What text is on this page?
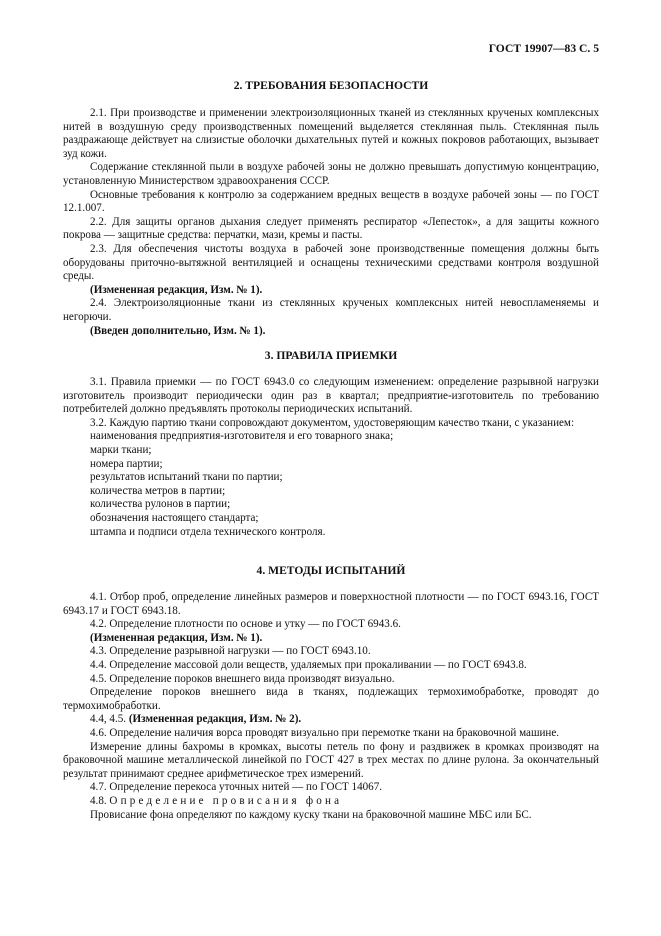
ГОСТ 19907—83 С. 5
2. ТРЕБОВАНИЯ БЕЗОПАСНОСТИ

2.1. При производстве и применении электроизоляционных тканей из стеклянных крученых комплексных нитей в воздушную среду производственных помещений выделяется стеклянная пыль. Стеклянная пыль раздражающе действует на слизистые оболочки дыхательных путей и кожных покровов работающих, вызывает зуд кожи.

Содержание стеклянной пыли в воздухе рабочей зоны не должно превышать допустимую концентрацию, установленную Министерством здравоохранения СССР.

Основные требования к контролю за содержанием вредных веществ в воздухе рабочей зоны — по ГОСТ 12.1.007.

2.2. Для защиты органов дыхания следует применять респиратор «Лепесток», а для защиты кожного покрова — защитные средства: перчатки, мази, кремы и пасты.

2.3. Для обеспечения чистоты воздуха в рабочей зоне производственные помещения должны быть оборудованы приточно-вытяжной вентиляцией и оснащены техническими средствами контроля воздушной среды.

(Измененная редакция, Изм. № 1).

2.4. Электроизоляционные ткани из стеклянных крученых комплексных нитей невоспламеняемы и негорючи.

(Введен дополнительно, Изм. № 1).

3. ПРАВИЛА ПРИЕМКИ

3.1. Правила приемки — по ГОСТ 6943.0 со следующим изменением: определение разрывной нагрузки изготовитель производит периодически один раз в квартал; предприятие-изготовитель по требованию потребителей должно предъявлять протоколы периодических испытаний.

3.2. Каждую партию ткани сопровождают документом, удостоверяющим качество ткани, с указанием:

наименования предприятия-изготовителя и его товарного знака;

марки ткани;

номера партии;

результатов испытаний ткани по партии;

количества метров в партии;

количества рулонов в партии;

обозначения настоящего стандарта;

штампа и подписи отдела технического контроля.

4. МЕТОДЫ ИСПЫТАНИЙ

4.1. Отбор проб, определение линейных размеров и поверхностной плотности — по ГОСТ 6943.16, ГОСТ 6943.17 и ГОСТ 6943.18.

4.2. Определение плотности по основе и утку — по ГОСТ 6943.6.

(Измененная редакция, Изм. № 1).

4.3. Определение разрывной нагрузки — по ГОСТ 6943.10.

4.4. Определение массовой доли веществ, удаляемых при прокаливании — по ГОСТ 6943.8.

4.5. Определение пороков внешнего вида производят визуально.

Определение пороков внешнего вида в тканях, подлежащих термохимобработке, проводят до термохимобработки.

4.4, 4.5. (Измененная редакция, Изм. № 2).

4.6. Определение наличия ворса проводят визуально при перемотке ткани на браковочной машине.

Измерение длины бахромы в кромках, высоты петель по фону и раздвижек в кромках производят на браковочной машине металлической линейкой по ГОСТ 427 в трех местах по длине рулона. За окончательный результат принимают среднее арифметическое трех измерений.

4.7. Определение перекоса уточных нитей — по ГОСТ 14067.

4.8. Определение провисания фона

Провисание фона определяют по каждому куску ткани на браковочной машине МБС или БС.
